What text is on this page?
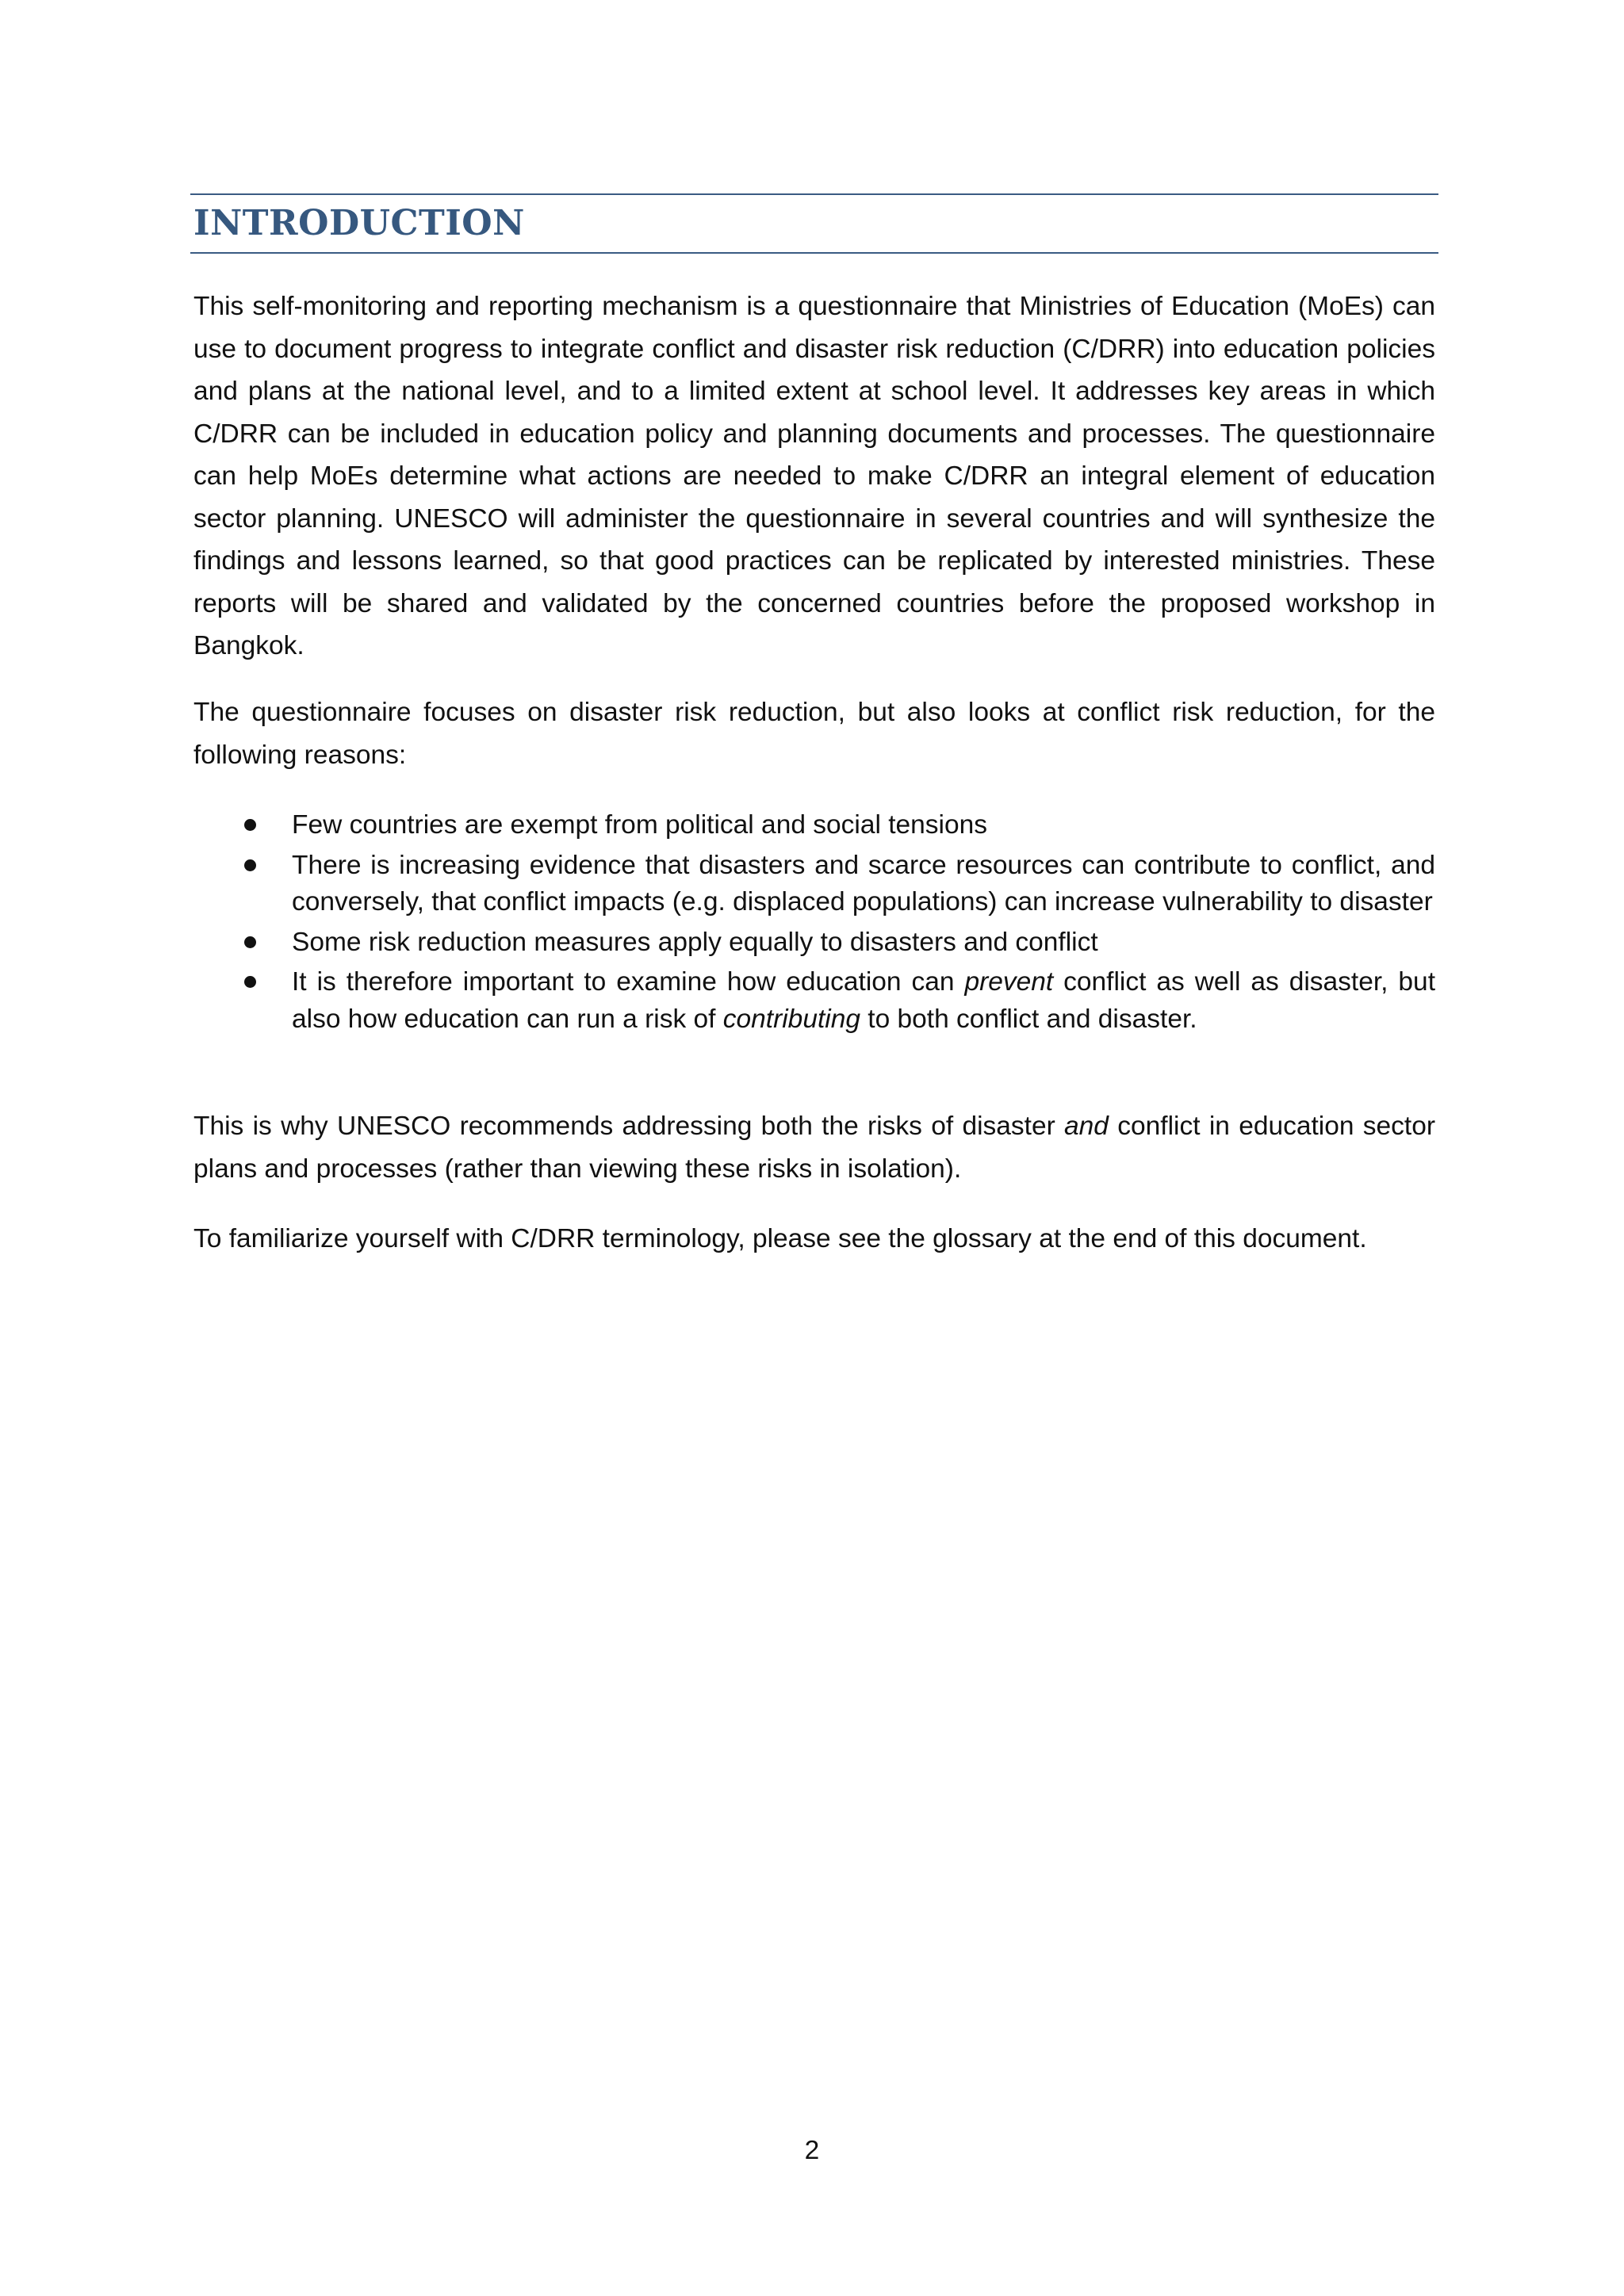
INTRODUCTION

This self-monitoring and reporting mechanism is a questionnaire that Ministries of Education (MoEs) can use to document progress to integrate conflict and disaster risk reduction (C/DRR) into education policies and plans at the national level, and to a limited extent at school level. It addresses key areas in which C/DRR can be included in education policy and planning documents and processes. The questionnaire can help MoEs determine what actions are needed to make C/DRR an integral element of education sector planning. UNESCO will administer the questionnaire in several countries and will synthesize the findings and lessons learned, so that good practices can be replicated by interested ministries. These reports will be shared and validated by the concerned countries before the proposed workshop in Bangkok.

The questionnaire focuses on disaster risk reduction, but also looks at conflict risk reduction, for the following reasons:

Few countries are exempt from political and social tensions
There is increasing evidence that disasters and scarce resources can contribute to conflict, and conversely, that conflict impacts (e.g. displaced populations) can increase vulnerability to disaster
Some risk reduction measures apply equally to disasters and conflict
It is therefore important to examine how education can prevent conflict as well as disaster, but also how education can run a risk of contributing to both conflict and disaster.

This is why UNESCO recommends addressing both the risks of disaster and conflict in education sector plans and processes (rather than viewing these risks in isolation).

To familiarize yourself with C/DRR terminology, please see the glossary at the end of this document.

2
